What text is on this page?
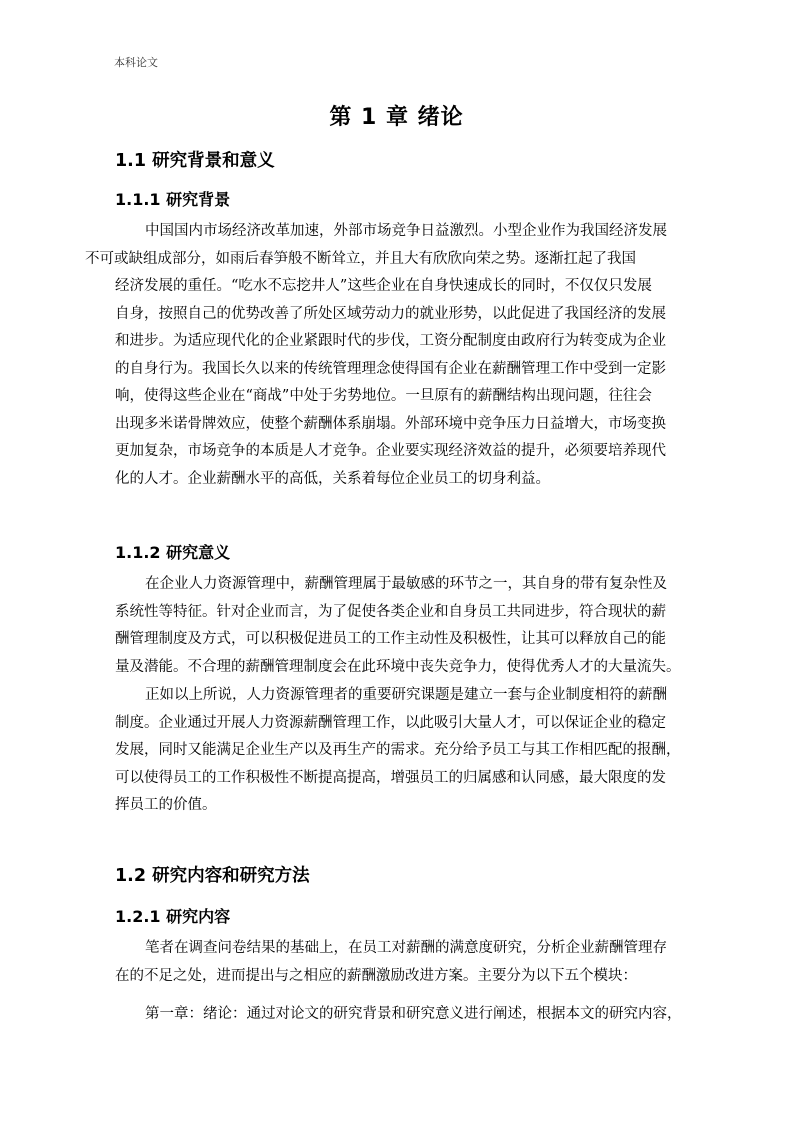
本科论文
第 1 章 绪论
1.1 研究背景和意义
1.1.1 研究背景

中国国内市场经济改革加速，外部市场竞争日益激烈。小型企业作为我国经济发展
不可或缺组成部分，如雨后春笋般不断耸立，并且大有欣欣向荣之势。逐渐扛起了我国
经济发展的重任。“吃水不忘挖井人”这些企业在自身快速成长的同时，不仅仅只发展
自身，按照自己的优势改善了所处区域劳动力的就业形势，以此促进了我国经济的发展
和进步。为适应现代化的企业紧跟时代的步伐，工资分配制度由政府行为转变成为企业
的自身行为。我国长久以来的传统管理理念使得国有企业在薪酬管理工作中受到一定影
响，使得这些企业在“商战”中处于劣势地位。一旦原有的薪酬结构出现问题，往往会
出现多米诺骨牌效应，使整个薪酬体系崩塌。外部环境中竞争压力日益增大，市场变换
更加复杂，市场竞争的本质是人才竞争。企业要实现经济效益的提升，必须要培养现代
化的人才。企业薪酬水平的高低，关系着每位企业员工的切身利益。

1.1.2 研究意义

在企业人力资源管理中，薪酬管理属于最敏感的环节之一，其自身的带有复杂性及
系统性等特征。针对企业而言，为了促使各类企业和自身员工共同进步，符合现状的薪
酬管理制度及方式，可以积极促进员工的工作主动性及积极性，让其可以释放自己的能
量及潜能。不合理的薪酬管理制度会在此环境中丧失竞争力，使得优秀人才的大量流失。

正如以上所说，人力资源管理者的重要研究课题是建立一套与企业制度相符的薪酬
制度。企业通过开展人力资源薪酬管理工作，以此吸引大量人才，可以保证企业的稳定
发展，同时又能满足企业生产以及再生产的需求。充分给予员工与其工作相匹配的报酬，
可以使得员工的工作积极性不断提高提高，增强员工的归属感和认同感，最大限度的发
挥员工的价值。

1.2 研究内容和研究方法
1.2.1 研究内容

笔者在调查问卷结果的基础上，在员工对薪酬的满意度研究，分析企业薪酬管理存
在的不足之处，进而提出与之相应的薪酬激励改进方案。主要分为以下五个模块：

第一章：绪论：通过对论文的研究背景和研究意义进行阐述，根据本文的研究内容，
